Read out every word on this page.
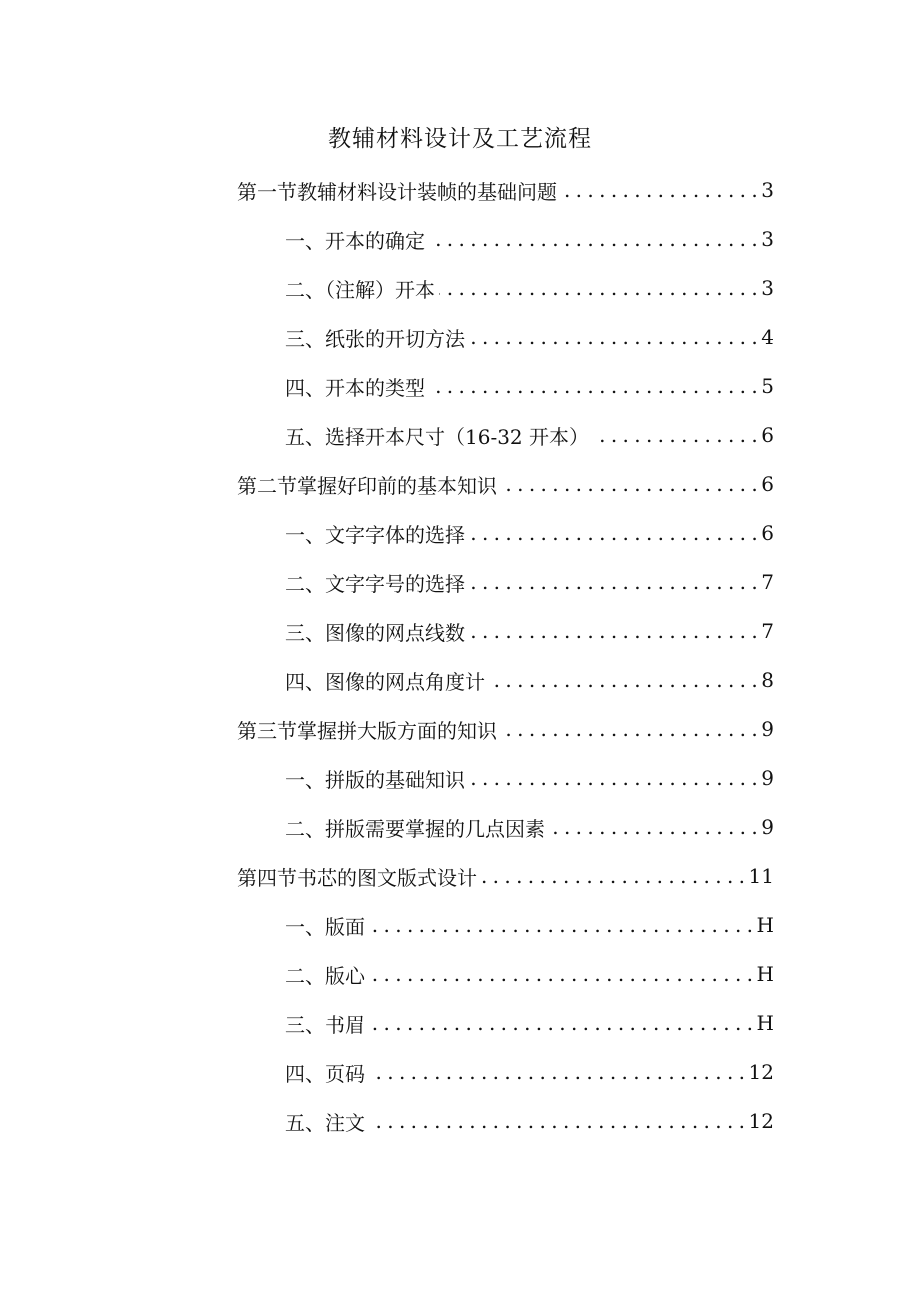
教辅材料设计及工艺流程
第一节教辅材料设计装帧的基础问题 . . .	3
一、开本的确定 . . .	3
二、（注解）开本 . . .	3
三、纸张的开切方法 . . .	4
四、开本的类型 . . .	5
五、选择开本尺寸（16-32 开本） . . .	6
第二节掌握好印前的基本知识 . . .	6
一、文字字体的选择 . . .	6
二、文字字号的选择 . . .	7
三、图像的网点线数 . . .	7
四、图像的网点角度计 . . .	8
第三节掌握拼大版方面的知识 . . .	9
一、拼版的基础知识 . . .	9
二、拼版需要掌握的几点因素 . . .	9
第四节书芯的图文版式设计 . . .	11
一、版面 . . .	H
二、版心 . . .	H
三、书眉 . . .	H
四、页码 . . .	12
五、注文 . . .	12
